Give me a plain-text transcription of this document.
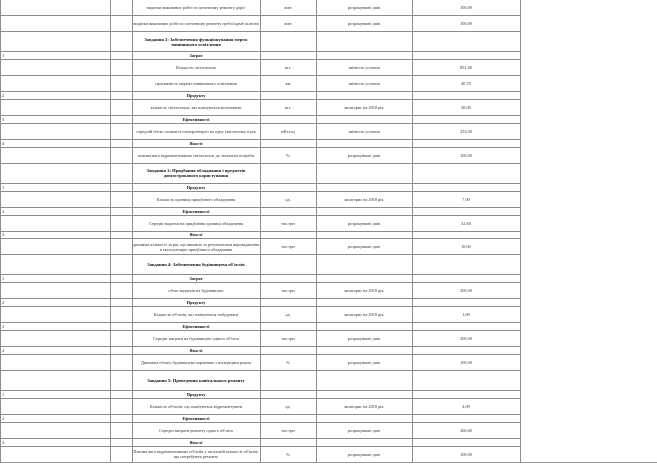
видатки виконаних робіт по поточному ремонту доріг	млн	розрахункові дані	100,00
видатки виконаних робіт по поточному ремонту греблі/дамб шлюзів	млн	розрахункові дані	100,00
Завдання 2: Забезпечення функціонування мереж зовнішнього освітлення
1	Затрат
Кількість світлоточок	шт.	звітність установ	851,00
протяжність мережі зовнішнього освітлення	км	звітність установ	40,70
2	Продукту
кількість світлоточок, які плануються встановити	шт.	кошторис на 2018 рік	30,00
3	Ефективності
середній обсяг спожитої електроенергії на одну світлоточку в рік	кВт.год	звітність установ	253,00
4	Якості
питома вага відремонтованих світлоточок до загальної потреби	%	розрахункові дані	100,00
Завдання 3: Придбання обладнання і предметів довгострокового користування
1	Продукту
Кількість одиниць придбаного обладнання	од.	кошторис на 2018 рік	7,00
2	Ефективності
Середні видатки на придбання одиниці обладнання	тис.грн	розрахункові дані	32,60
3	Якості
динаміка кількості за рік, що виникла за результатами впровадження в експлуатацію придбаного обладнання	тис.грн	розрахункові дані	10,00
Завдання 4: Забезпечення будівництва об'єктів
1	Затрат
обсяг видатків на будівництво	тис.грн	кошторис на 2018 рік	200,00
2	Продукту
Кількість об'єктів, які плануються побудувати	од.	кошторис на 2018 рік	1,00
3	Ефективності
Середні витрати на будівництво одного об'єкта	тис.грн	розрахункові дані	200,00
4	Якості
Динаміка обсягу будівництва порівняно з попереднім роком	%	розрахункові дані	100,00
Завдання 5: Проведення капітального ремонту
1	Продукту
Кількість об'єктів, що плануються відремонтувати	од.	кошторис на 2018 рік	4,00
2	Ефективності
Середні витрати ремонту одного об'єкта	тис.грн	розрахункові дані	266,60
3	Якості
Питома вага відремонтованих об'єктів у загальній кількості об'єктів, що потребують ремонту	%	розрахункові дані	100,00
